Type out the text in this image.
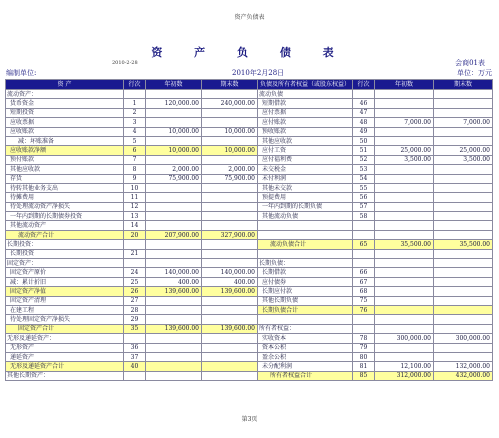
资产负债表
资 产 负 债 表
2010-2-28	会商01表
编制单位:	2010年2月28日	单位：万元
资 产	行次	年初数	期末数	负债及所有者权益（或股东权益）	行次	年初数	期末数
流动资产：				流动负债			
货币资金	1	120,000.00	240,000.00	短期借款	46		
短期投资	2			应付票据	47		
应收票据	3			应付账款	48	7,000.00	7,000.00
应收账款	4	10,000.00	10,000.00	预收账款	49		
减：坏账准备	5			其他应收款	50		
应收账款净额	6	10,000.00	10,000.00	应付工资	51	25,000.00	25,000.00
预付账款	7			应付福利费	52	3,500.00	3,500.00
其他应收款	8	2,000.00	2,000.00	未交税金	53		
存货	9	75,900.00	75,900.00	未付利润	54		
待转其他业务支出	10			其他未交款	55		
待摊费用	11			预提费用	56		
待处理流动资产净损失	12			一年内到期的长期负债	57		
一年内到期的长期债券投资	13			其他流动负债	58		
其他流动资产	14						
流动资产合计	20	207,900.00	327,900.00				
长期投资：				流动负债合计	65	35,500.00	35,500.00
长期投资	21						
固定资产：				长期负债：			
固定资产原价	24	140,000.00	140,000.00	长期借款	66		
减：累计折旧	25	400.00	400.00	应付债券	67		
固定资产净值	26	139,600.00	139,600.00	长期应付款	68		
固定资产清理	27			其他长期负债	75		
在建工程	28			长期负债合计	76		
待处理固定资产净损失	29						
固定资产合计	35	139,600.00	139,600.00	所有者权益：			
无形及递延资产：				实收资本	78	300,000.00	300,000.00
无形资产	36			资本公积	79		
递延资产	37			盈余公积	80		
无形及递延资产合计	40			未分配利润	81	12,100.00	132,000.00
其他长期资产：				所有者权益合计	85	312,000.00	432,000.00
第3页
